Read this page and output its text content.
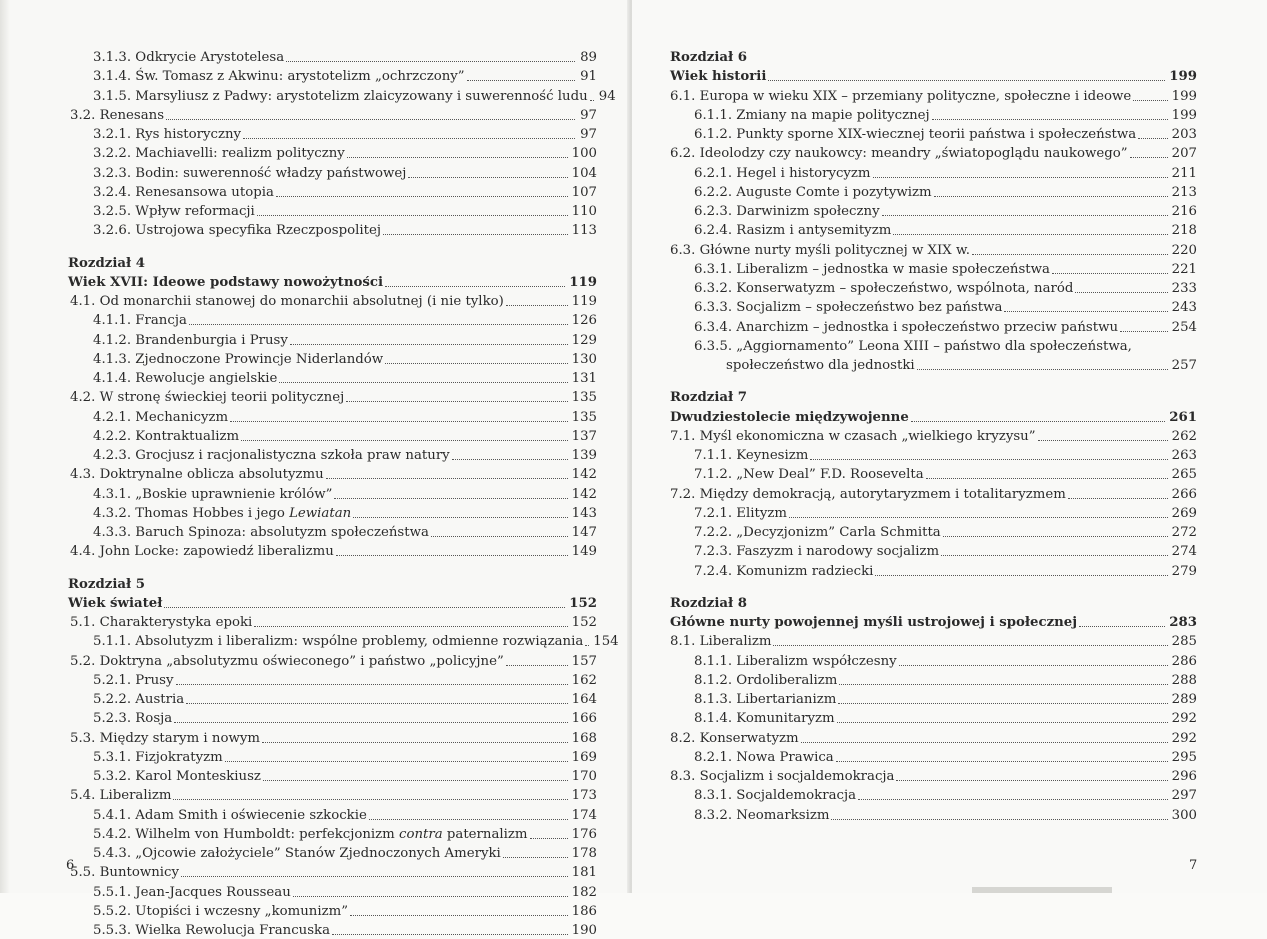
3.1.3. Odkrycie Arystotelesa	89
3.1.4. Św. Tomasz z Akwinu: arystotelizm „ochrzczony”	91
3.1.5. Marsyliusz z Padwy: arystotelizm zlaicyzowany i suwerenność ludu 94
3.2. Renesans	97
3.2.1. Rys historyczny	97
3.2.2. Machiavelli: realizm polityczny	100
3.2.3. Bodin: suwerenność władzy państwowej	104
3.2.4. Renesansowa utopia	107
3.2.5. Wpływ reformacji	110
3.2.6. Ustrojowa specyfika Rzeczpospolitej	113
Rozdział 4
Wiek XVII: Ideowe podstawy nowożytności	119
4.1. Od monarchii stanowej do monarchii absolutnej (i nie tylko)	119
4.1.1. Francja	126
4.1.2. Brandenburgia i Prusy	129
4.1.3. Zjednoczone Prowincje Niderlandów	130
4.1.4. Rewolucje angielskie	131
4.2. W stronę świeckiej teorii politycznej	135
4.2.1. Mechanicyzm	135
4.2.2. Kontraktualizm	137
4.2.3. Grocjusz i racjonalistyczna szkoła praw natury	139
4.3. Doktrynalne oblicza absolutyzmu	142
4.3.1. „Boskie uprawnienie królów”	142
4.3.2. Thomas Hobbes i jego Lewiatan	143
4.3.3. Baruch Spinoza: absolutyzm społeczeństwa	147
4.4. John Locke: zapowiedź liberalizmu	149
Rozdział 5
Wiek świateł	152
5.1. Charakterystyka epoki	152
5.1.1. Absolutyzm i liberalizm: wspólne problemy, odmienne rozwiązania 154
5.2. Doktryna „absolutyzmu oświeconego” i państwo „policyjne”	157
5.2.1. Prusy	162
5.2.2. Austria	164
5.2.3. Rosja	166
5.3. Między starym i nowym	168
5.3.1. Fizjokratyzm	169
5.3.2. Karol Monteskiusz	170
5.4. Liberalizm	173
5.4.1. Adam Smith i oświecenie szkockie	174
5.4.2. Wilhelm von Humboldt: perfekcjonizm contra paternalizm	176
5.4.3. „Ojcowie założyciele” Stanów Zjednoczonych Ameryki	178
5.5. Buntownicy	181
5.5.1. Jean-Jacques Rousseau	182
5.5.2. Utopiści i wczesny „komunizm”	186
5.5.3. Wielka Rewolucja Francuska	190
6
Rozdział 6
Wiek historii	199
6.1. Europa w wieku XIX – przemiany polityczne, społeczne i ideowe	199
6.1.1. Zmiany na mapie politycznej	199
6.1.2. Punkty sporne XIX-wiecznej teorii państwa i społeczeństwa	203
6.2. Ideolodzy czy naukowcy: meandry „światopoglądu naukowego”	207
6.2.1. Hegel i historycyzm	211
6.2.2. Auguste Comte i pozytywizm	213
6.2.3. Darwinizm społeczny	216
6.2.4. Rasizm i antysemityzm	218
6.3. Główne nurty myśli politycznej w XIX w.	220
6.3.1. Liberalizm – jednostka w masie społeczeństwa	221
6.3.2. Konserwatyzm – społeczeństwo, wspólnota, naród	233
6.3.3. Socjalizm – społeczeństwo bez państwa	243
6.3.4. Anarchizm – jednostka i społeczeństwo przeciw państwu	254
6.3.5. „Aggiornamento” Leona XIII – państwo dla społeczeństwa,
społeczeństwo dla jednostki	257
Rozdział 7
Dwudziestolecie międzywojenne	261
7.1. Myśl ekonomiczna w czasach „wielkiego kryzysu”	262
7.1.1. Keynesizm	263
7.1.2. „New Deal” F.D. Roosevelta	265
7.2. Między demokracją, autorytaryzmem i totalitaryzmem	266
7.2.1. Elityzm	269
7.2.2. „Decyzjonizm” Carla Schmitta	272
7.2.3. Faszyzm i narodowy socjalizm	274
7.2.4. Komunizm radziecki	279
Rozdział 8
Główne nurty powojennej myśli ustrojowej i społecznej	283
8.1. Liberalizm	285
8.1.1. Liberalizm współczesny	286
8.1.2. Ordoliberalizm	288
8.1.3. Libertarianizm	289
8.1.4. Komunitaryzm	292
8.2. Konserwatyzm	292
8.2.1. Nowa Prawica	295
8.3. Socjalizm i socjaldemokracja	296
8.3.1. Socjaldemokracja	297
8.3.2. Neomarksizm	300
7
